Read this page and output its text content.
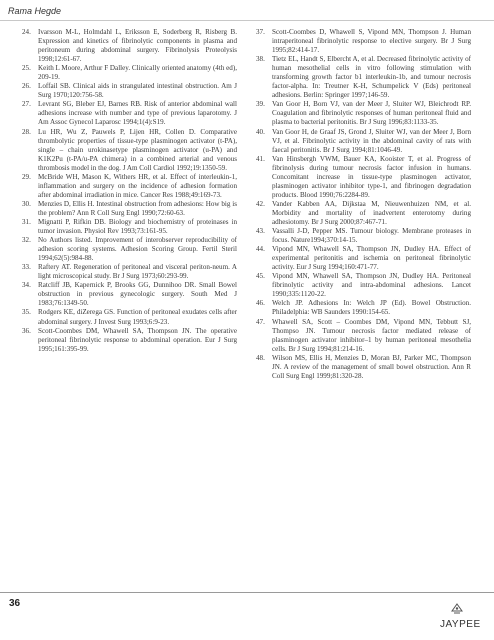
Rama Hegde

24. Ivarsson M-L, Holmdahl L, Eriksson E, Soderberg R, Risberg B. Expression and kinetics of fibrinolytic components in plasma and peritoneum during abdominal surgery. Fibrinolysis Proteolysis 1998;12:61-67.

25. Keith L Moore, Arthur F Dalley. Clinically oriented anatomy (4th ed), 209-19.

26. Loffail SB. Clinical aids in strangulated intestinal obstruction. Am J Surg 1970;120:756-58.

27. Levrant SG, Bleber EJ, Barnes RB. Risk of anterior abdominal wall adhesions increase with number and type of previous laparotomy. J Am Assoc Gynecol Laparosc 1994;1(4):S19.

28. Lu HR, Wu Z, Pauwels P, Lijen HR, Collen D. Comparative thrombolytic properties of tissue-type plasminogen activator (t-PA), single – chain urokinasetype plasminogen activator (u-PA) and K1K2Pu (t-PA/u-PA chimera) in a combined arterial and venous thrombosis model in the dog. J Am Coll Cardiol 1992;19:1350-59.

29. McBride WH, Mason K, Withers HR, et al. Effect of interleukin-1, inflammation and surgery on the incidence of adhesion formation after abdominal irradiation in mice. Cancer Res 1988;49:169-73.

30. Menzies D, Ellis H. Intestinal obstruction from adhesions: How big is the problem? Ann R Coll Surg Engl 1990;72:60-63.

31. Mignatti P, Rifkin DB. Biology and biochemistry of proteinases in tumor invasion. Physiol Rev 1993;73:161-95.

32. No Authors listed. Improvement of interobserver reproducibility of adhesion scoring systems. Adhesion Scoring Group. Fertil Steril 1994;62(5):984-88.

33. Raftery AT. Regeneration of peritoneal and visceral periton-neum. A light microscopical study. Br J Surg 1973;60:293-99.

34. Ratcliff JB, Kapernick P, Brooks GG, Dunnihoo DR. Small Bowel obstruction in previous gynecologic surgery. South Med J 1983;76:1349-50.

35. Rodgers KE, diZerega GS. Function of peritoneal exudates cells after abdominal surgery. J Invest Surg 1993;6:9-23.

36. Scott-Coombes DM, Whawell SA, Thompson JN. The operative peritoneal fibrinolytic response to abdominal operation. Eur J Surg 1995;161:395-99.

37. Scott-Coombes D, Whawell S, Vipond MN, Thompson J. Human intraperitoneal fibrinolytic response to elective surgery. Br J Surg 1995;82:414-17.

38. Tietz EL, Handt S, Elbercht A, et al. Decreased fibrinolytic activity of human mesothelial cells in vitro following stimulation with transforming growth factor b1 interleukin-1b, and tumour necrosis factor-alpha. In: Treutner K-H, Schumpelick V (Eds) peritoneal adhesions. Berlin: Springer 1997;146-59.

39. Van Goor H, Born VJ, van der Meer J, Sluiter WJ, Bleichrodt RP. Coagulation and fibrinolytic responses of human peritoneal fluid and plasma to bacterial peritonitis. Br J Surg 1996;83:1133-35.

40. Van Goor H, de Graaf JS, Grond J, Sluiter WJ, van der Meer J, Born VJ, et al. Fibrinolytic activity in the abdominal cavity of rats with faecal peritonitis. Br J Surg 1994;81:1046-49.

41. Van Hinsbergh VWM, Bauer KA, Kooister T, et al. Progress of fibrinolysis during tumour necrosis factor infusion in humans. Concomitant increase in tissue-type plasminogen activator, plasminogen activator inhibitor type-1, and fibrinogen degradation products. Blood 1990;76:2284-89.

42. Vander Kabben AA, Dijkstaa M, Nieuwenhuizen NM, et al. Morbidity and mortality of inadvertent enterotomy during adhesiotomy. Br J Surg 2000;87:467-71.

43. Vassalli J-D, Pepper MS. Tumour biology. Membrane proteases in focus. Nature1994;370:14-15.

44. Vipond MN, Whawell SA, Thompson JN, Dudley HA. Effect of experimental peritonitis and ischemia on peritoneal fibrinolytic activity. Eur J Surg 1994;160:471-77.

45. Vipond MN, Whawell SA, Thompson JN, Dudley HA. Peritoneal fibrinolytic activity and intra-abdominal adhesions. Lancet 1990;335:1120-22.

46. Welch JP. Adhesions In: Welch JP (Ed). Bowel Obstruction. Philadelphia: WB Saunders 1990:154-65.

47. Whawell SA, Scott – Coombes DM, Vipond MN, Tebbutt SJ, Thompso JN. Tumour necrosis factor mediated release of plasminogen activator inhibitor–1 by human peritoneal mesothelia cells. Br J Surg 1994;81:214-16.

48. Wilson MS, Ellis H, Menzies D, Moran BJ, Parker MC, Thompson JN. A review of the management of small bowel obstruction. Ann R Coll Surg Engl 1999;81:320-28.

36
JAYPEE
